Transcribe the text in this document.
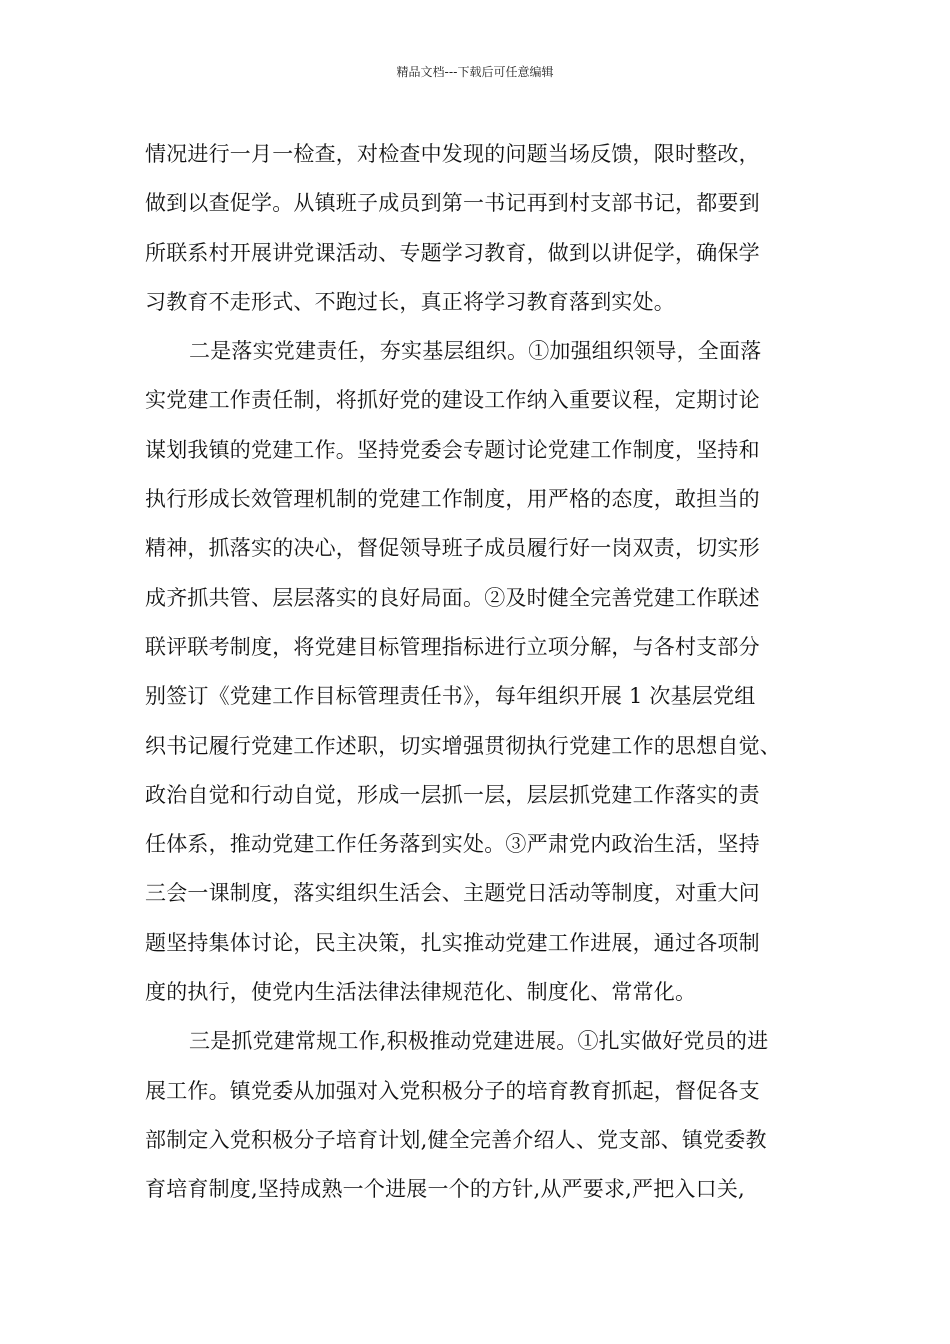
精品文档---下载后可任意编辑
情况进行一月一检查，对检查中发现的问题当场反馈，限时整改，
做到以查促学。从镇班子成员到第一书记再到村支部书记，都要到
所联系村开展讲党课活动、专题学习教育，做到以讲促学，确保学
习教育不走形式、不跑过长，真正将学习教育落到实处。
二是落实党建责任，夯实基层组织。①加强组织领导，全面落
实党建工作责任制，将抓好党的建设工作纳入重要议程，定期讨论
谋划我镇的党建工作。坚持党委会专题讨论党建工作制度，坚持和
执行形成长效管理机制的党建工作制度，用严格的态度，敢担当的
精神，抓落实的决心，督促领导班子成员履行好一岗双责，切实形
成齐抓共管、层层落实的良好局面。②及时健全完善党建工作联述
联评联考制度，将党建目标管理指标进行立项分解，与各村支部分
别签订《党建工作目标管理责任书》，每年组织开展 1 次基层党组
织书记履行党建工作述职，切实增强贯彻执行党建工作的思想自觉、
政治自觉和行动自觉，形成一层抓一层，层层抓党建工作落实的责
任体系，推动党建工作任务落到实处。③严肃党内政治生活，坚持
三会一课制度，落实组织生活会、主题党日活动等制度，对重大问
题坚持集体讨论，民主决策，扎实推动党建工作进展，通过各项制
度的执行，使党内生活法律法律规范化、制度化、常常化。
三是抓党建常规工作,积极推动党建进展。①扎实做好党员的进
展工作。镇党委从加强对入党积极分子的培育教育抓起，督促各支
部制定入党积极分子培育计划,健全完善介绍人、党支部、镇党委教
育培育制度,坚持成熟一个进展一个的方针,从严要求,严把入口关,
